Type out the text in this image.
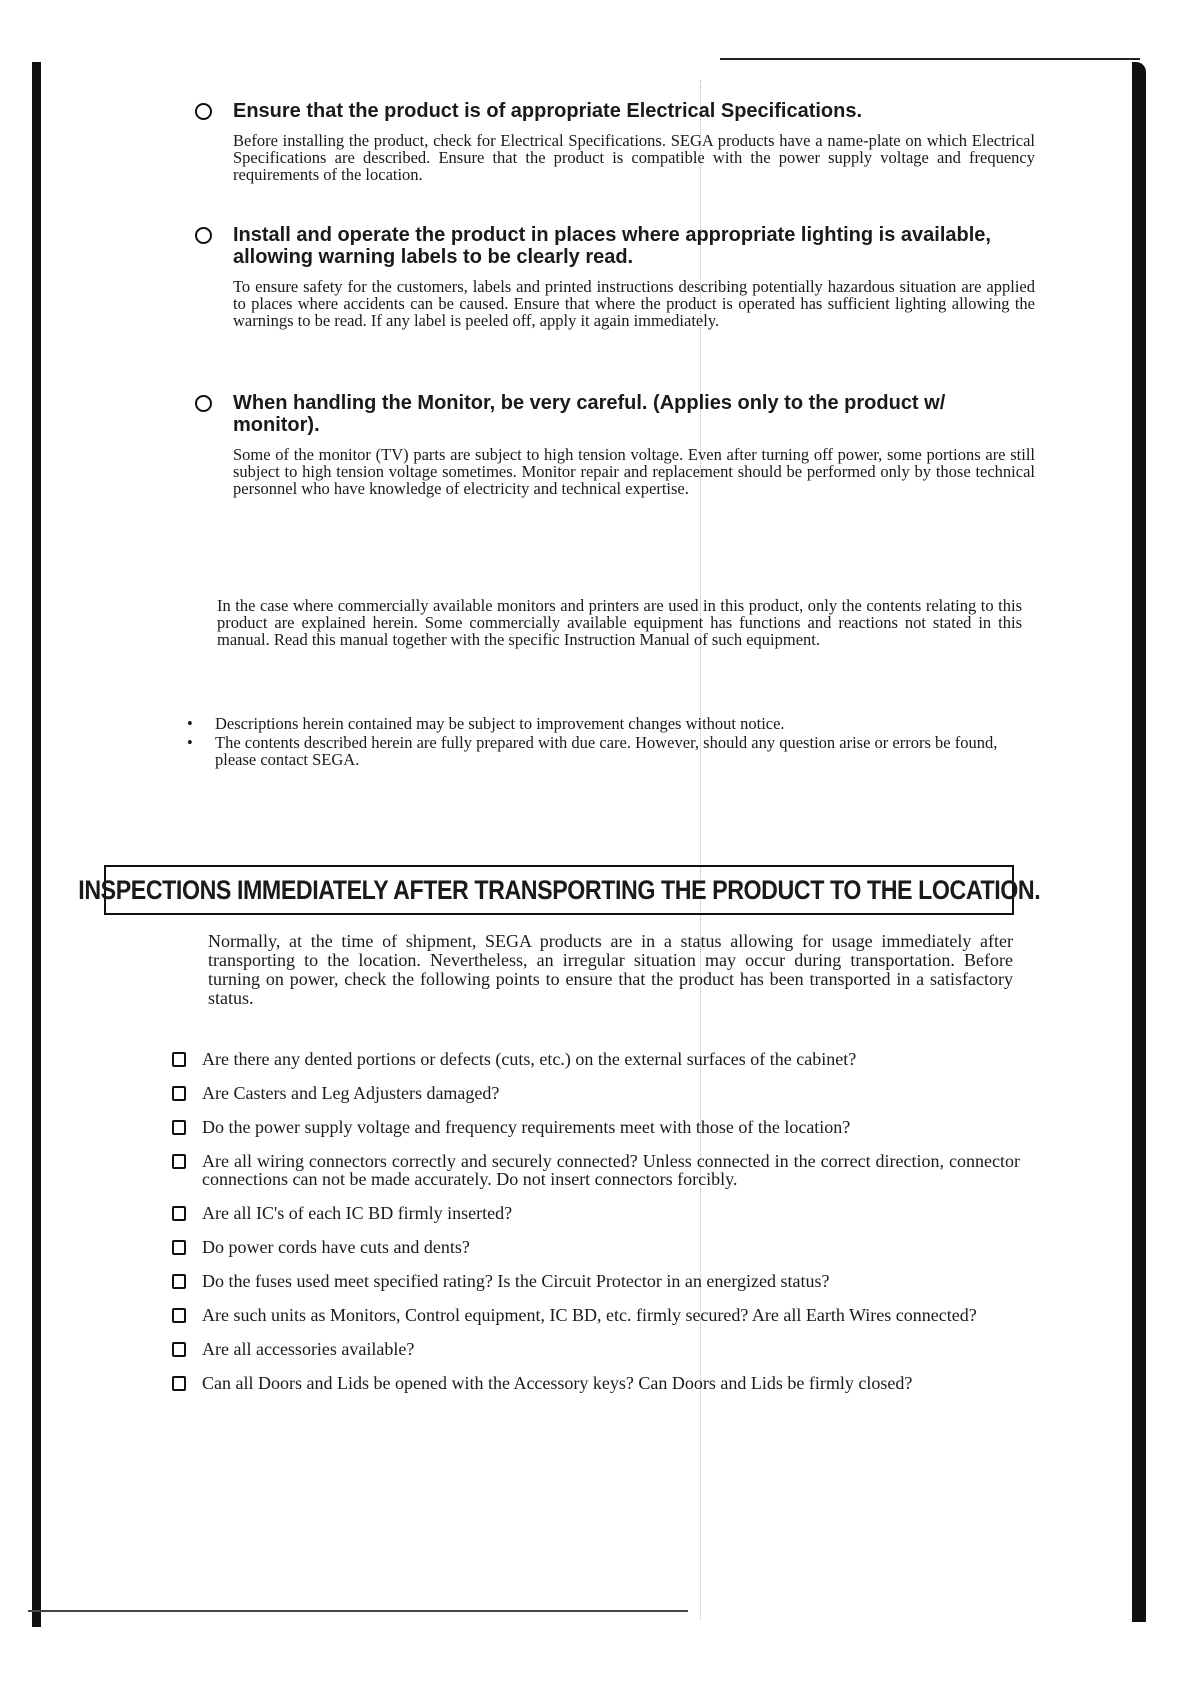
Ensure that the product is of appropriate Electrical Specifications.

Before installing the product, check for Electrical Specifications. SEGA products have a name-plate on which Electrical Specifications are described. Ensure that the product is compatible with the power supply voltage and frequency requirements of the location.

Install and operate the product in places where appropriate lighting is available, allowing warning labels to be clearly read.

To ensure safety for the customers, labels and printed instructions describing potentially hazardous situation are applied to places where accidents can be caused. Ensure that where the product is operated has sufficient lighting allowing the warnings to be read. If any label is peeled off, apply it again immediately.

When handling the Monitor, be very careful. (Applies only to the product w/ monitor).

Some of the monitor (TV) parts are subject to high tension voltage. Even after turning off power, some portions are still subject to high tension voltage sometimes. Monitor repair and replacement should be performed only by those technical personnel who have knowledge of electricity and technical expertise.

In the case where commercially available monitors and printers are used in this product, only the contents relating to this product are explained herein. Some commercially available equipment has functions and reactions not stated in this manual. Read this manual together with the specific Instruction Manual of such equipment.

• Descriptions herein contained may be subject to improvement changes without notice.
• The contents described herein are fully prepared with due care. However, should any question arise or errors be found, please contact SEGA.
INSPECTIONS IMMEDIATELY AFTER TRANSPORTING THE PRODUCT TO THE LOCATION.

Normally, at the time of shipment, SEGA products are in a status allowing for usage immediately after transporting to the location. Nevertheless, an irregular situation may occur during transportation. Before turning on power, check the following points to ensure that the product has been transported in a satisfactory status.

Are there any dented portions or defects (cuts, etc.) on the external surfaces of the cabinet?
Are Casters and Leg Adjusters damaged?
Do the power supply voltage and frequency requirements meet with those of the location?
Are all wiring connectors correctly and securely connected? Unless connected in the correct direction, connector connections can not be made accurately. Do not insert connectors forcibly.
Are all IC's of each IC BD firmly inserted?
Do power cords have cuts and dents?
Do the fuses used meet specified rating? Is the Circuit Protector in an energized status?
Are such units as Monitors, Control equipment, IC BD, etc. firmly secured? Are all Earth Wires connected?
Are all accessories available?
Can all Doors and Lids be opened with the Accessory keys? Can Doors and Lids be firmly closed?
